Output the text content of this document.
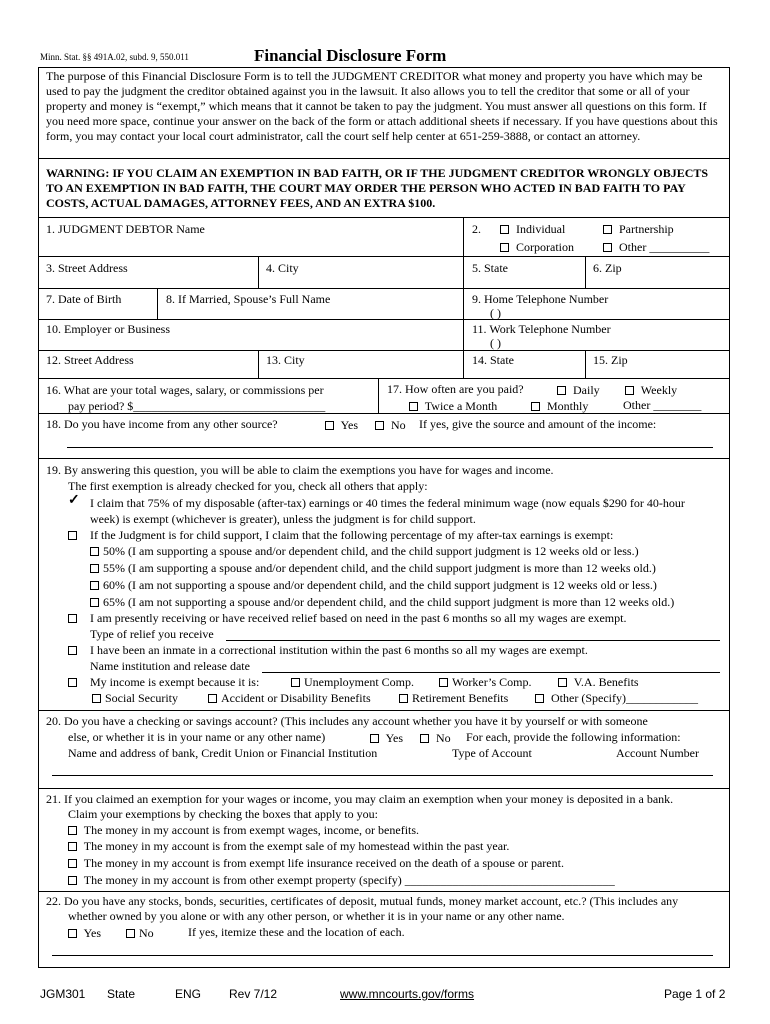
Minn. Stat. §§ 491A.02, subd. 9, 550.011	Financial Disclosure Form
The purpose of this Financial Disclosure Form is to tell the JUDGMENT CREDITOR what money and property you have which may be used to pay the judgment the creditor obtained against you in the lawsuit. It also allows you to tell the creditor that some or all of your property and money is “exempt,” which means that it cannot be taken to pay the judgment. You must answer all questions on this form. If you need more space, continue your answer on the back of the form or attach additional sheets if necessary. If you have questions about this form, you may contact your local court administrator, call the court self help center at 651-259-3888, or contact an attorney.
WARNING: IF YOU CLAIM AN EXEMPTION IN BAD FAITH, OR IF THE JUDGMENT CREDITOR WRONGLY OBJECTS TO AN EXEMPTION IN BAD FAITH, THE COURT MAY ORDER THE PERSON WHO ACTED IN BAD FAITH TO PAY COSTS, ACTUAL DAMAGES, ATTORNEY FEES, AND AN EXTRA $100.
1. JUDGMENT DEBTOR Name	2.	Individual	Partnership
Corporation	Other __________
3. Street Address	4. City	5. State	6. Zip
7. Date of Birth	8. If Married, Spouse’s Full Name	9. Home Telephone Number
( )
10. Employer or Business	11. Work Telephone Number
( )
12. Street Address	13. City	14. State	15. Zip
16. What are your total wages, salary, or commissions per
pay period? $________________________________
17. How often are you paid?	Daily	Weekly
Twice a Month	Monthly	Other ________
18. Do you have income from any other source?	Yes	No If yes, give the source and amount of the income:
19. By answering this question, you will be able to claim the exemptions you have for wages and income.
The first exemption is already checked for you, check all others that apply:
✓ I claim that 75% of my disposable (after-tax) earnings or 40 times the federal minimum wage (now equals $290 for 40-hour
week) is exempt (whichever is greater), unless the judgment is for child support.
If the Judgment is for child support, I claim that the following percentage of my after-tax earnings is exempt:
50% (I am supporting a spouse and/or dependent child, and the child support judgment is 12 weeks old or less.)
55% (I am supporting a spouse and/or dependent child, and the child support judgment is more than 12 weeks old.)
60% (I am not supporting a spouse and/or dependent child, and the child support judgment is 12 weeks old or less.)
65% (I am not supporting a spouse and/or dependent child, and the child support judgment is more than 12 weeks old.)
I am presently receiving or have received relief based on need in the past 6 months so all my wages are exempt.
Type of relief you receive
I have been an inmate in a correctional institution within the past 6 months so all my wages are exempt.
Name institution and release date
My income is exempt because it is:	Unemployment Comp.	Worker’s Comp.	V.A. Benefits
Social Security	Accident or Disability Benefits	Retirement Benefits	Other (Specify)____________
20. Do you have a checking or savings account? (This includes any account whether you have it by yourself or with someone
else, or whether it is in your name or any other name)	Yes	No For each, provide the following information:
Name and address of bank, Credit Union or Financial Institution	Type of Account	Account Number
21. If you claimed an exemption for your wages or income, you may claim an exemption when your money is deposited in a bank.
Claim your exemptions by checking the boxes that apply to you:
The money in my account is from exempt wages, income, or benefits.
The money in my account is from the exempt sale of my homestead within the past year.
The money in my account is from exempt life insurance received on the death of a spouse or parent.
The money in my account is from other exempt property (specify) ___________________________________
22. Do you have any stocks, bonds, securities, certificates of deposit, mutual funds, money market account, etc.? (This includes any
whether owned by you alone or with any other person, or whether it is in your name or any other name.
Yes	No	If yes, itemize these and the location of each.
JGM301 State	ENG Rev 7/12	www.mncourts.gov/forms	Page 1 of 2
